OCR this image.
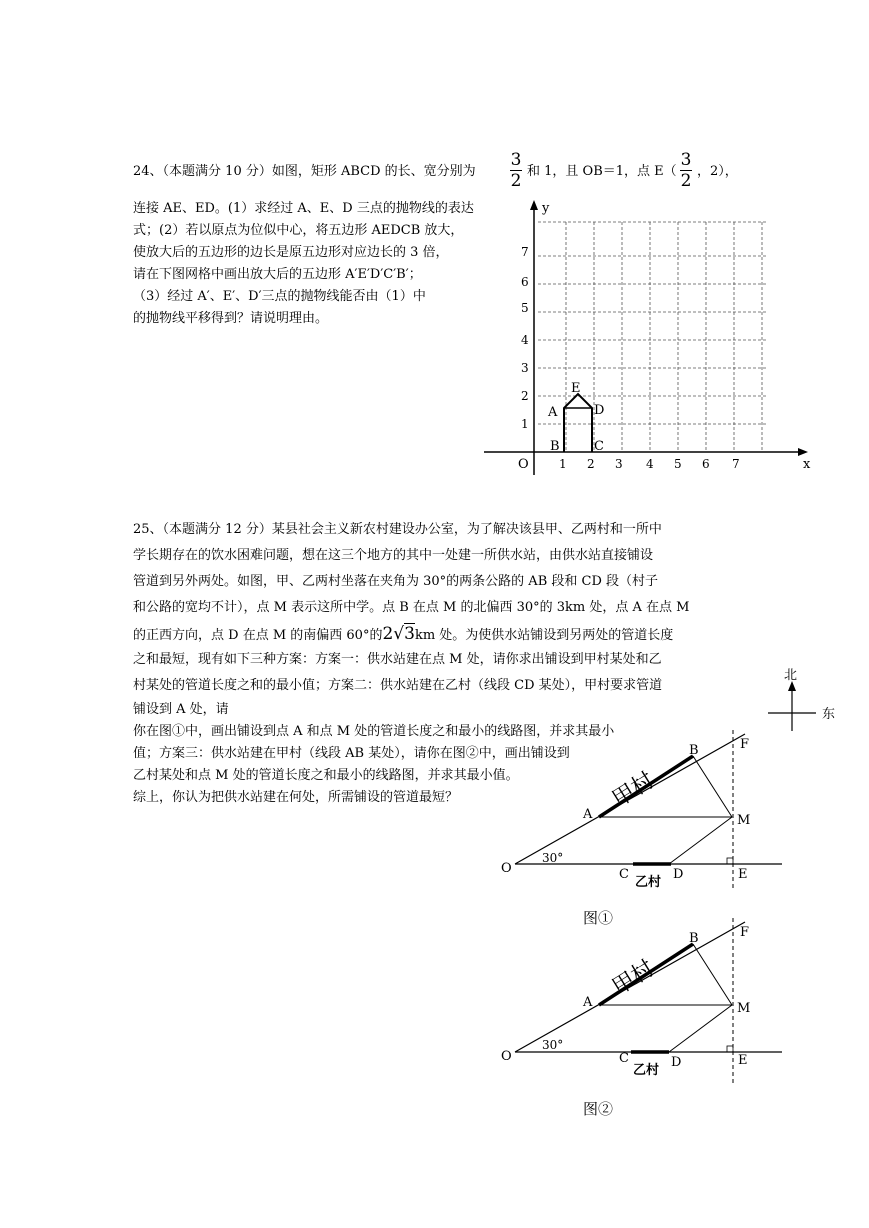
24、（本题满分 10 分）如图，矩形 ABCD 的长、宽分别为
3
2 和 1，且 OB＝1，点 E（
3
2 ，2），
连接 AE、ED。(1）求经过 A、E、D 三点的抛物线的表达
式；(2）若以原点为位似中心，将五边形 AEDCB 放大，
使放大后的五边形的边长是原五边形对应边长的 3 倍，
请在下图网格中画出放大后的五边形 A′E′D′C′B′；
（3）经过 A′、E′、D′三点的抛物线能否由（1）中
的抛物线平移得到？请说明理由。
y
x
O	1 2 3 4 5 6 7
1
2
3
4
5
6
7
A
B	C
D
E
25、（本题满分 12 分）某县社会主义新农村建设办公室，为了解决该县甲、乙两村和一所中
学长期存在的饮水困难问题，想在这三个地方的其中一处建一所供水站，由供水站直接铺设
管道到另外两处。如图，甲、乙两村坐落在夹角为 30°的两条公路的 AB 段和 CD 段（村子
和公路的宽均不计），点 M 表示这所中学。点 B 在点 M 的北偏西 30°的 3km 处，点 A 在点 M
的正西方向，点 D 在点 M 的南偏西 60°的2√3km 处。为使供水站铺设到另两处的管道长度
之和最短，现有如下三种方案：方案一：供水站建在点 M 处，请你求出铺设到甲村某处和乙
村某处的管道长度之和的最小值；方案二：供水站建在乙村（线段 CD 某处），甲村要求管道
铺设到 A 处，请
你在图①中，画出铺设到点 A 和点 M 处的管道长度之和最小的线路图，并求其最小
值；方案三：供水站建在甲村（线段 AB 某处），请你在图②中，画出铺设到
乙村某处和点 M 处的管道长度之和最小的线路图，并求其最小值。
综上，你认为把供水站建在何处，所需铺设的管道最短？
北
东
30°
甲村
乙村
O
A
B
C	D	E
F
M
图①
30°
甲村
乙村
O
A
B
C	D	E
F
M
图②
